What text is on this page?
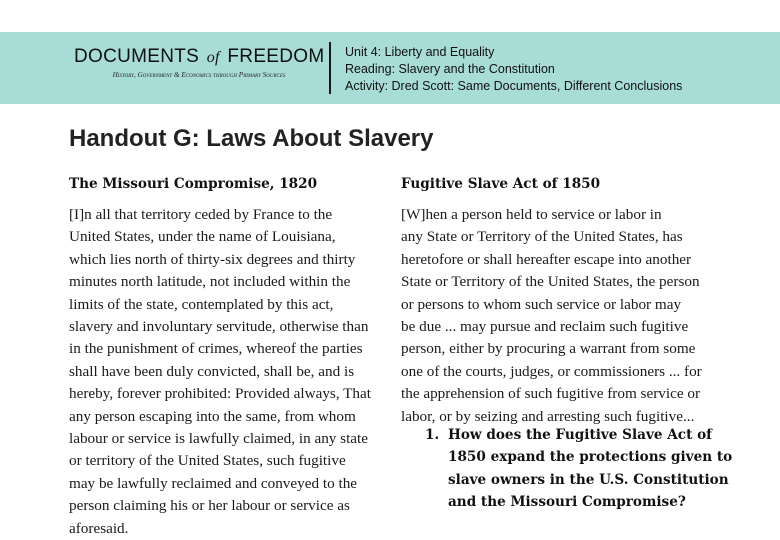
DOCUMENTS of FREEDOM
History, Government & Economics through Primary Sources
Unit 4: Liberty and Equality
Reading: Slavery and the Constitution
Activity: Dred Scott: Same Documents, Different Conclusions
Handout G: Laws About Slavery
The Missouri Compromise, 1820
[I]n all that territory ceded by France to the
United States, under the name of Louisiana,
which lies north of thirty-six degrees and thirty
minutes north latitude, not included within the
limits of the state, contemplated by this act,
slavery and involuntary servitude, otherwise than
in the punishment of crimes, whereof the parties
shall have been duly convicted, shall be, and is
hereby, forever prohibited: Provided always, That
any person escaping into the same, from whom
labour or service is lawfully claimed, in any state
or territory of the United States, such fugitive
may be lawfully reclaimed and conveyed to the
person claiming his or her labour or service as
aforesaid.
Fugitive Slave Act of 1850
[W]hen a person held to service or labor in
any State or Territory of the United States, has
heretofore or shall hereafter escape into another
State or Territory of the United States, the person
or persons to whom such service or labor may
be due ... may pursue and reclaim such fugitive
person, either by procuring a warrant from some
one of the courts, judges, or commissioners ... for
the apprehension of such fugitive from service or
labor, or by seizing and arresting such fugitive...
1. How does the Fugitive Slave Act of
1850 expand the protections given to
slave owners in the U.S. Constitution
and the Missouri Compromise?
